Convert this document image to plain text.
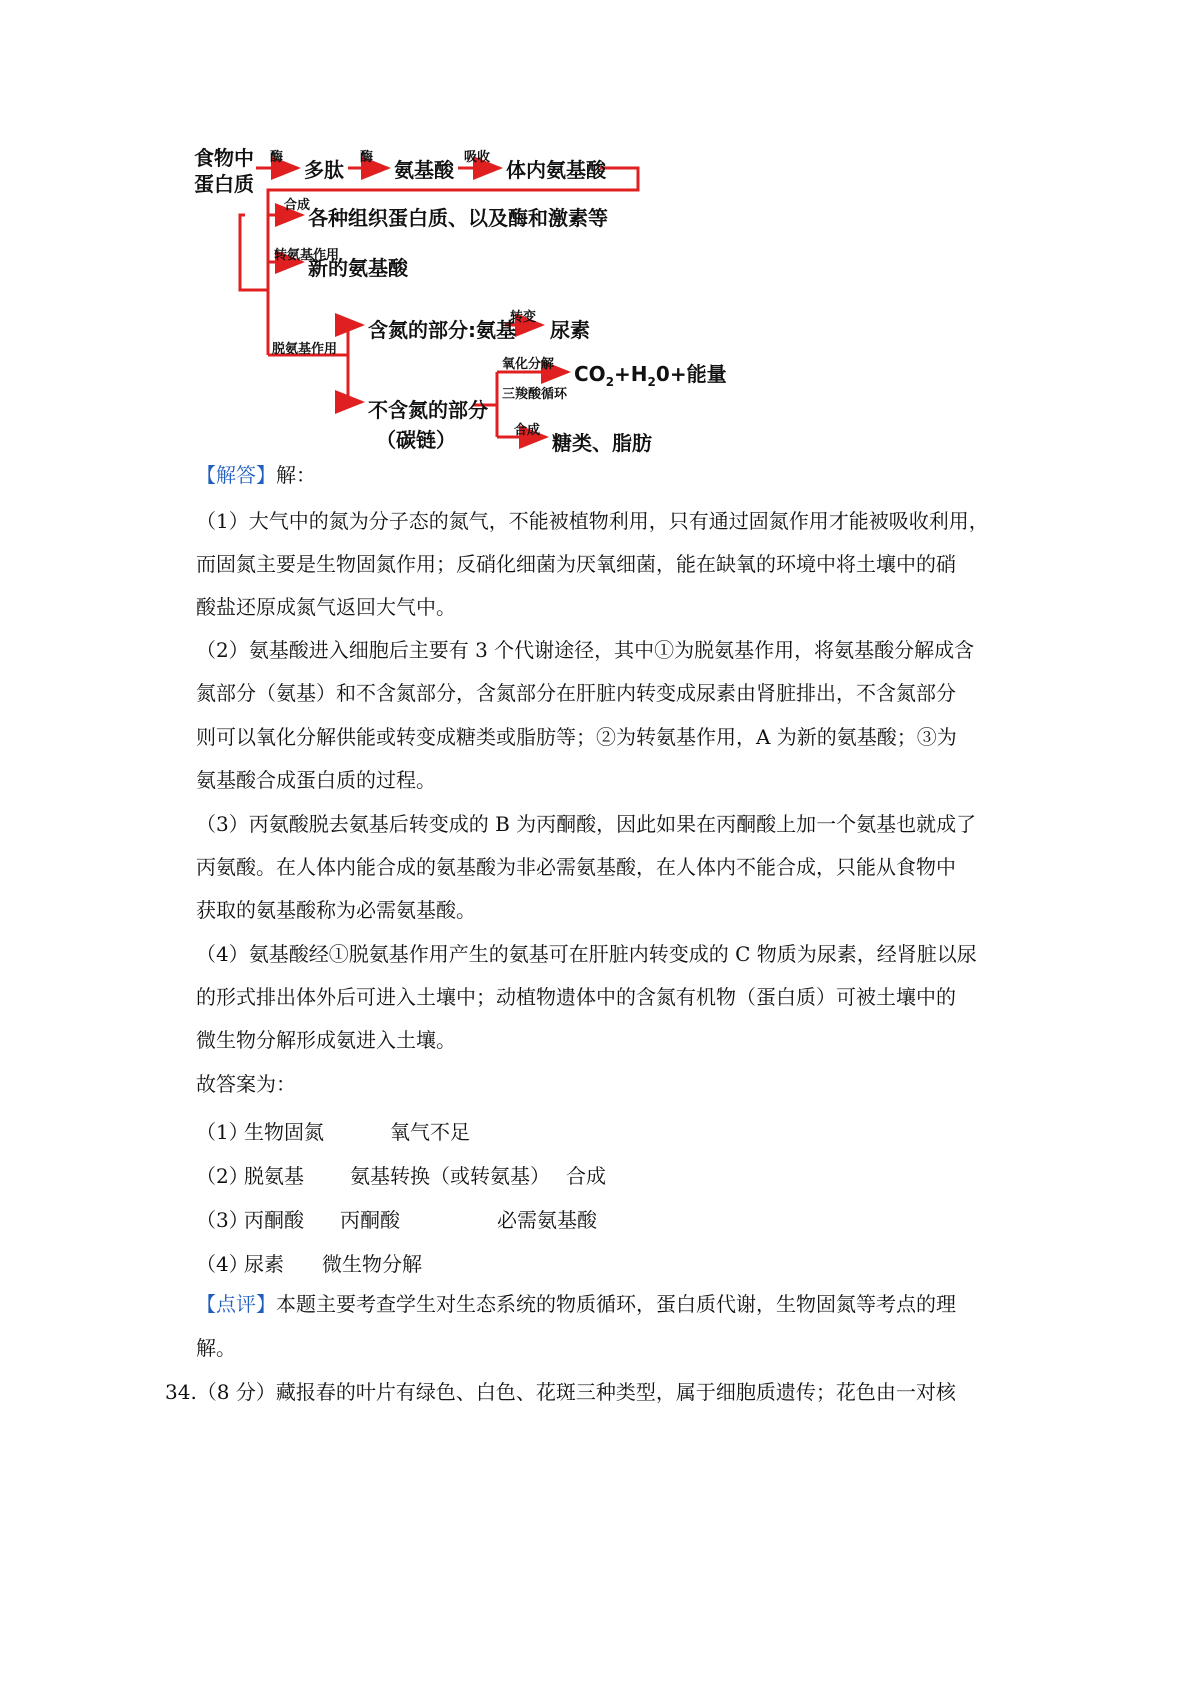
食物中
蛋白质
酶
多肽
酶
氨基酸
吸收
体内氨基酸
合成
各种组织蛋白质、以及酶和激素等
转氨基作用
新的氨基酸
脱氨基作用
含氮的部分:氨基
转变
尿素
氧化分解 $CO_2+H_20+$能量
三羧酸循环
不含氮的部分
（碳链）	合成
糖类、脂肪
【解答】解：
（1）大气中的氮为分子态的氮气，不能被植物利用，只有通过固氮作用才能被吸收利用，
而固氮主要是生物固氮作用；反硝化细菌为厌氧细菌，能在缺氧的环境中将土壤中的硝
酸盐还原成氮气返回大气中。
（2）氨基酸进入细胞后主要有 3 个代谢途径，其中①为脱氨基作用，将氨基酸分解成含
氮部分（氨基）和不含氮部分，含氮部分在肝脏内转变成尿素由肾脏排出，不含氮部分
则可以氧化分解供能或转变成糖类或脂肪等；②为转氨基作用，A 为新的氨基酸；③为
氨基酸合成蛋白质的过程。
（3）丙氨酸脱去氨基后转变成的 B 为丙酮酸，因此如果在丙酮酸上加一个氨基也就成了
丙氨酸。在人体内能合成的氨基酸为非必需氨基酸，在人体内不能合成，只能从食物中
获取的氨基酸称为必需氨基酸。
（4）氨基酸经①脱氨基作用产生的氨基可在肝脏内转变成的 C 物质为尿素，经肾脏以尿
的形式排出体外后可进入土壤中；动植物遗体中的含氮有机物（蛋白质）可被土壤中的
微生物分解形成氨进入土壤。
故答案为：
（1）
生物固氮	氧气不足
（2）
脱氨基 氨基转换（或转氨基） 合成
（3）
丙酮酸 丙酮酸	必需氨基酸
（4）
尿素 微生物分解
【点评】本题主要考查学生对生态系统的物质循环，蛋白质代谢，生物固氮等考点的理
解。
34.（8 分）藏报春的叶片有绿色、白色、花斑三种类型，属于细胞质遗传；花色由一对核
